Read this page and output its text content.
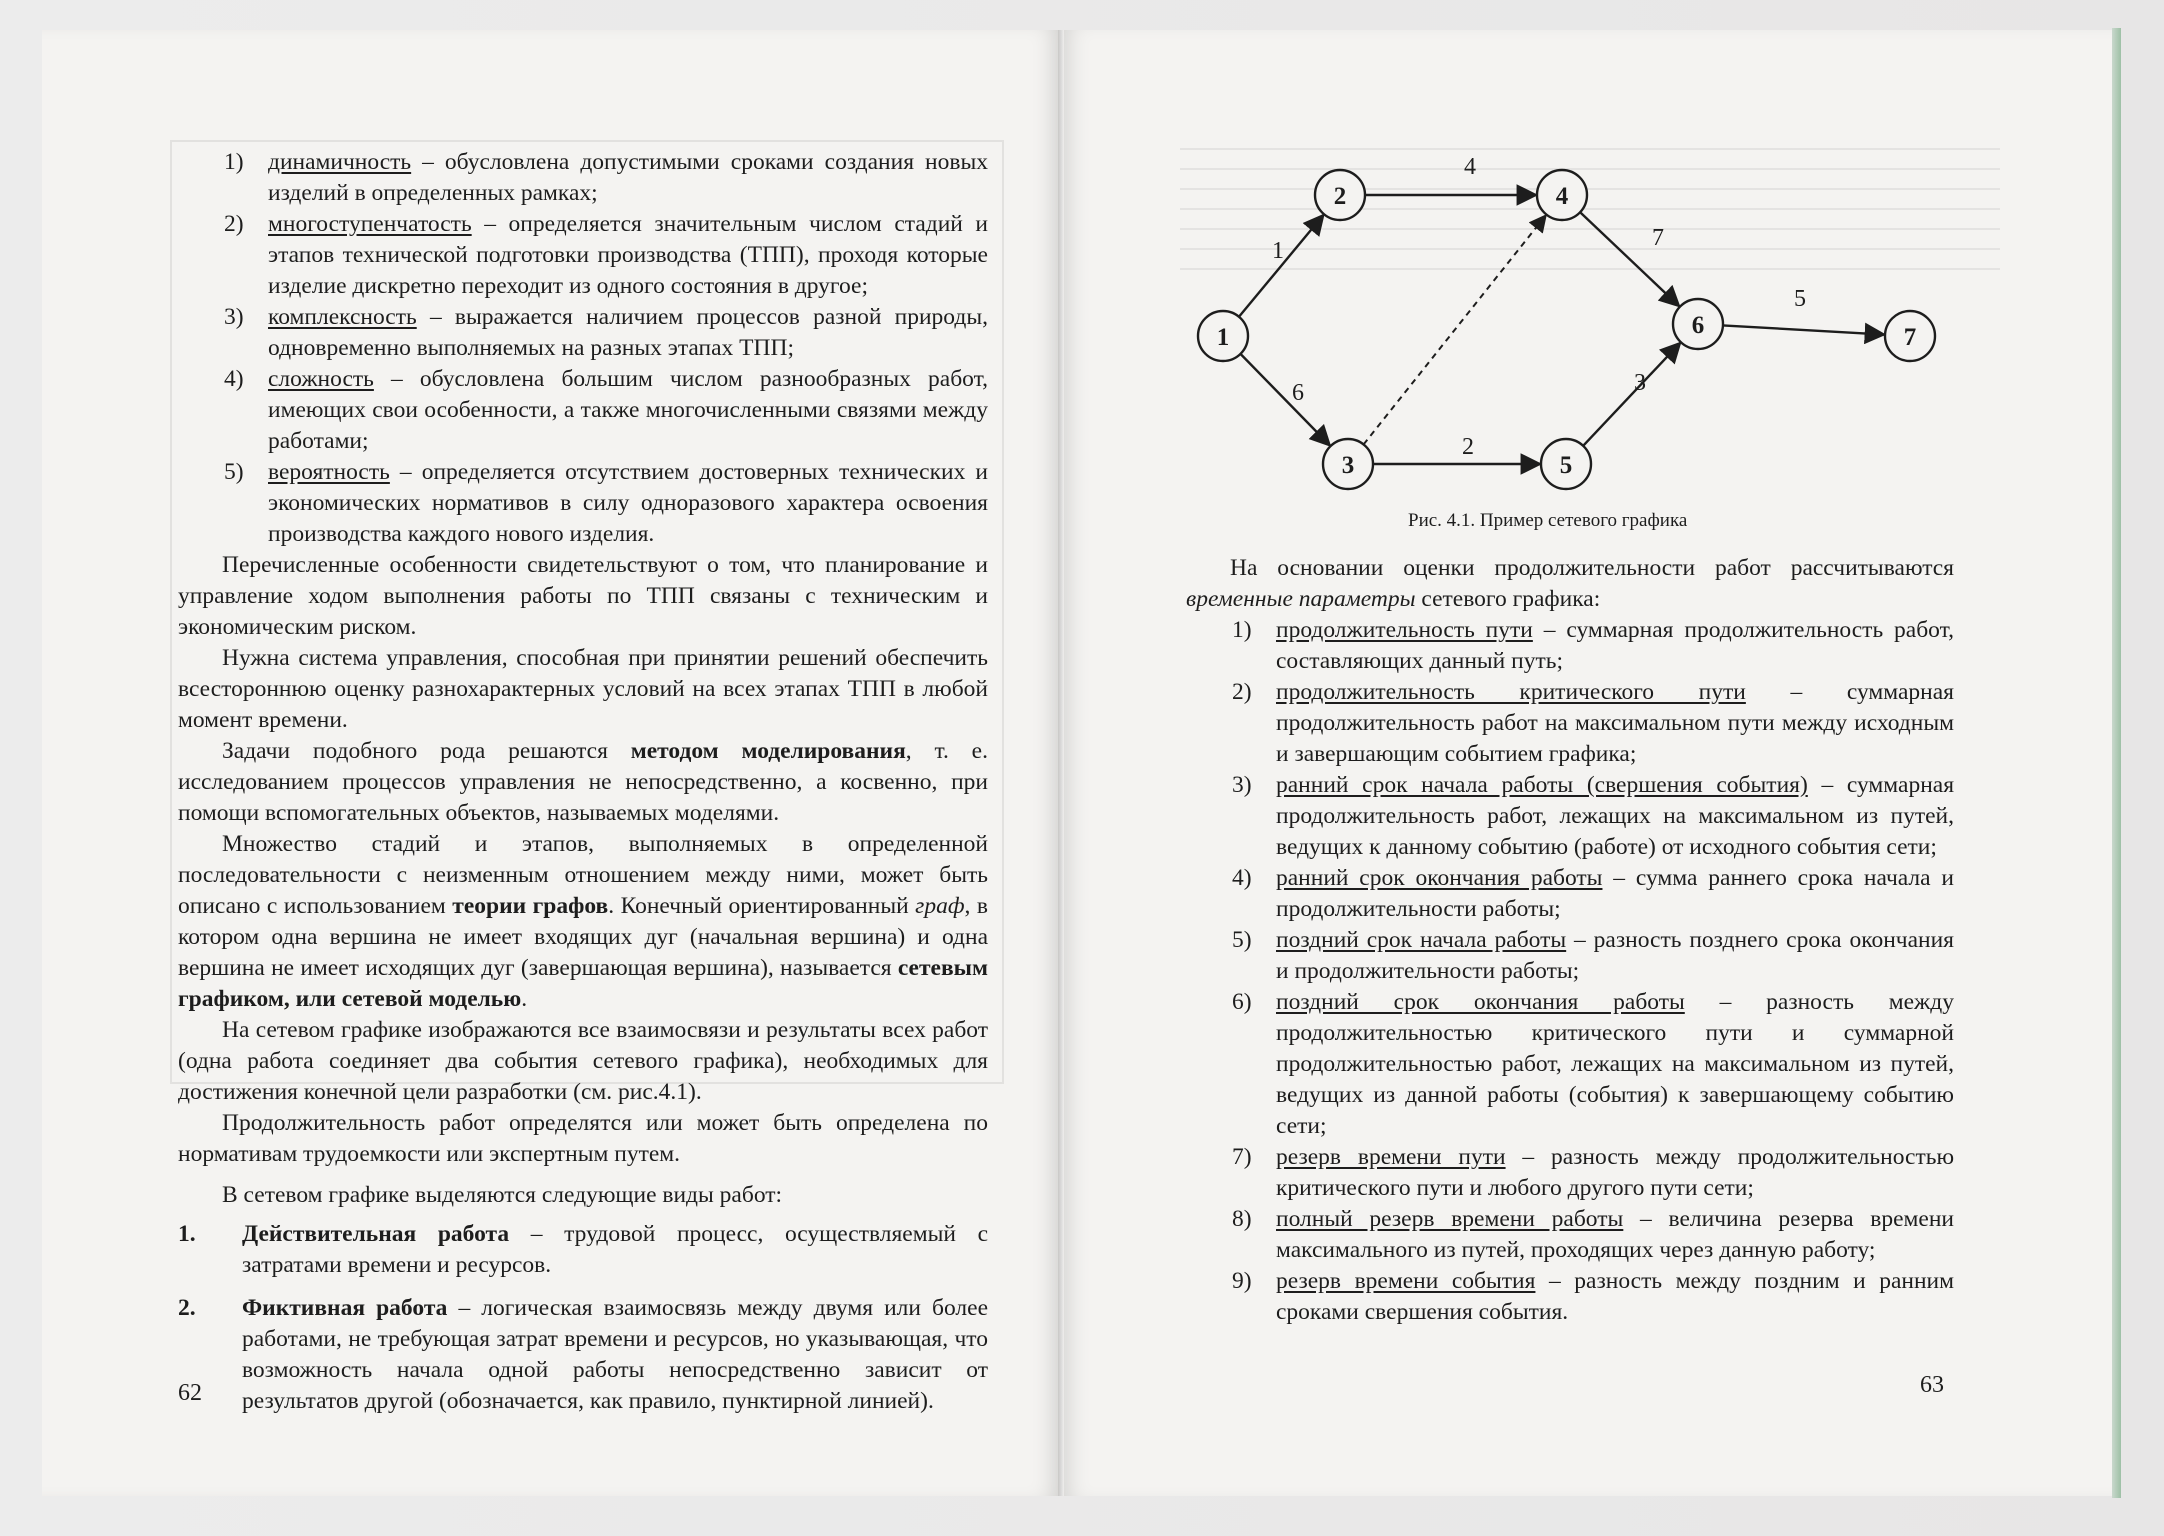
1) динамичность – обусловлена допустимыми сроками создания новых изделий в определенных рамках;

2) многоступенчатость – определяется значительным числом стадий и этапов технической подготовки производства (ТПП), проходя которые изделие дискретно переходит из одного состояния в другое;

3) комплексность – выражается наличием процессов разной природы, одновременно выполняемых на разных этапах ТПП;

4) сложность – обусловлена большим числом разнообразных работ, имеющих свои особенности, а также многочисленными связями между работами;

5) вероятность – определяется отсутствием достоверных технических и экономических нормативов в силу одноразового характера освоения производства каждого нового изделия.

Перечисленные особенности свидетельствуют о том, что планирование и управление ходом выполнения работы по ТПП связаны с техническим и экономическим риском.

Нужна система управления, способная при принятии решений обеспечить всестороннюю оценку разнохарактерных условий на всех этапах ТПП в любой момент времени.

Задачи подобного рода решаются методом моделирования, т. е. исследованием процессов управления не непосредственно, а косвенно, при помощи вспомогательных объектов, называемых моделями.

Множество стадий и этапов, выполняемых в определенной последовательности с неизменным отношением между ними, может быть описано с использованием теории графов. Конечный ориентированный граф, в котором одна вершина не имеет входящих дуг (начальная вершина) и одна вершина не имеет исходящих дуг (завершающая вершина), называется сетевым графиком, или сетевой моделью.

На сетевом графике изображаются все взаимосвязи и результаты всех работ (одна работа соединяет два события сетевого графика), необходимых для достижения конечной цели разработки (см. рис.4.1).

Продолжительность работ определятся или может быть определена по нормативам трудоемкости или экспертным путем.

В сетевом графике выделяются следующие виды работ:

1. Действительная работа – трудовой процесс, осуществляемый с затратами времени и ресурсов.

2. Фиктивная работа – логическая взаимосвязь между двумя или более работами, не требующая затрат времени и ресурсов, но указывающая, что возможность начала одной работы непосредственно зависит от результатов другой (обозначается, как правило, пунктирной линией).

62
1
6
4
2
7
3
5
1
2
3
4
5
6	7
Рис. 4.1. Пример сетевого графика

На основании оценки продолжительности работ рассчитываются временные параметры сетевого графика:

1) продолжительность пути – суммарная продолжительность работ, составляющих данный путь;

2) продолжительность критического пути – суммарная продолжительность работ на максимальном пути между исходным и завершающим событием графика;

3) ранний срок начала работы (свершения события) – суммарная продолжительность работ, лежащих на максимальном из путей, ведущих к данному событию (работе) от исходного события сети;

4) ранний срок окончания работы – сумма раннего срока начала и продолжительности работы;

5) поздний срок начала работы – разность позднего срока окончания и продолжительности работы;

6) поздний срок окончания работы – разность между продолжительностью критического пути и суммарной продолжительностью работ, лежащих на максимальном из путей, ведущих из данной работы (события) к завершающему событию сети;

7) резерв времени пути – разность между продолжительностью критического пути и любого другого пути сети;

8) полный резерв времени работы – величина резерва времени максимального из путей, проходящих через данную работу;

9) резерв времени события – разность между поздним и ранним сроками свершения события.

63
